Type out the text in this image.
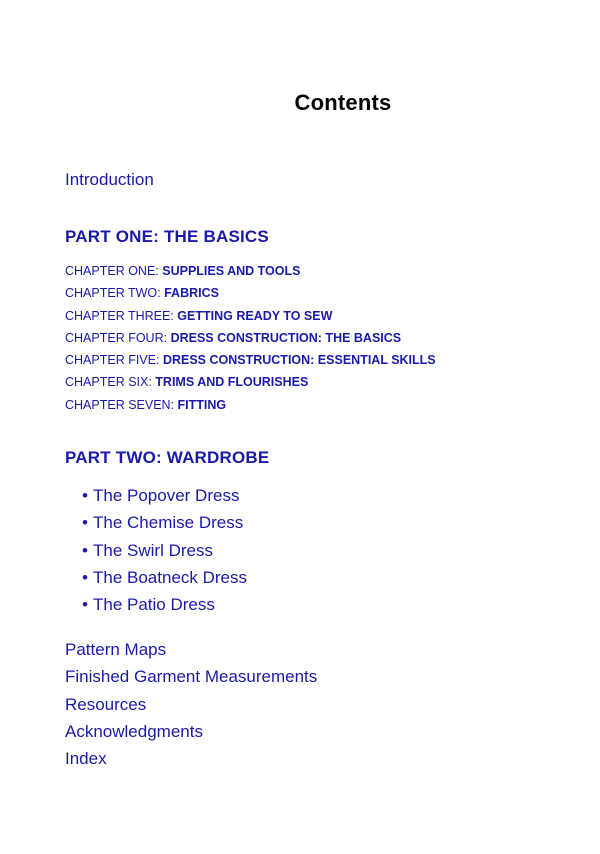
Contents
Introduction
PART ONE: THE BASICS
CHAPTER ONE: SUPPLIES AND TOOLS
CHAPTER TWO: FABRICS
CHAPTER THREE: GETTING READY TO SEW
CHAPTER FOUR: DRESS CONSTRUCTION: THE BASICS
CHAPTER FIVE: DRESS CONSTRUCTION: ESSENTIAL SKILLS
CHAPTER SIX: TRIMS AND FLOURISHES
CHAPTER SEVEN: FITTING
PART TWO: WARDROBE
• The Popover Dress
• The Chemise Dress
• The Swirl Dress
• The Boatneck Dress
• The Patio Dress
Pattern Maps
Finished Garment Measurements
Resources
Acknowledgments
Index
